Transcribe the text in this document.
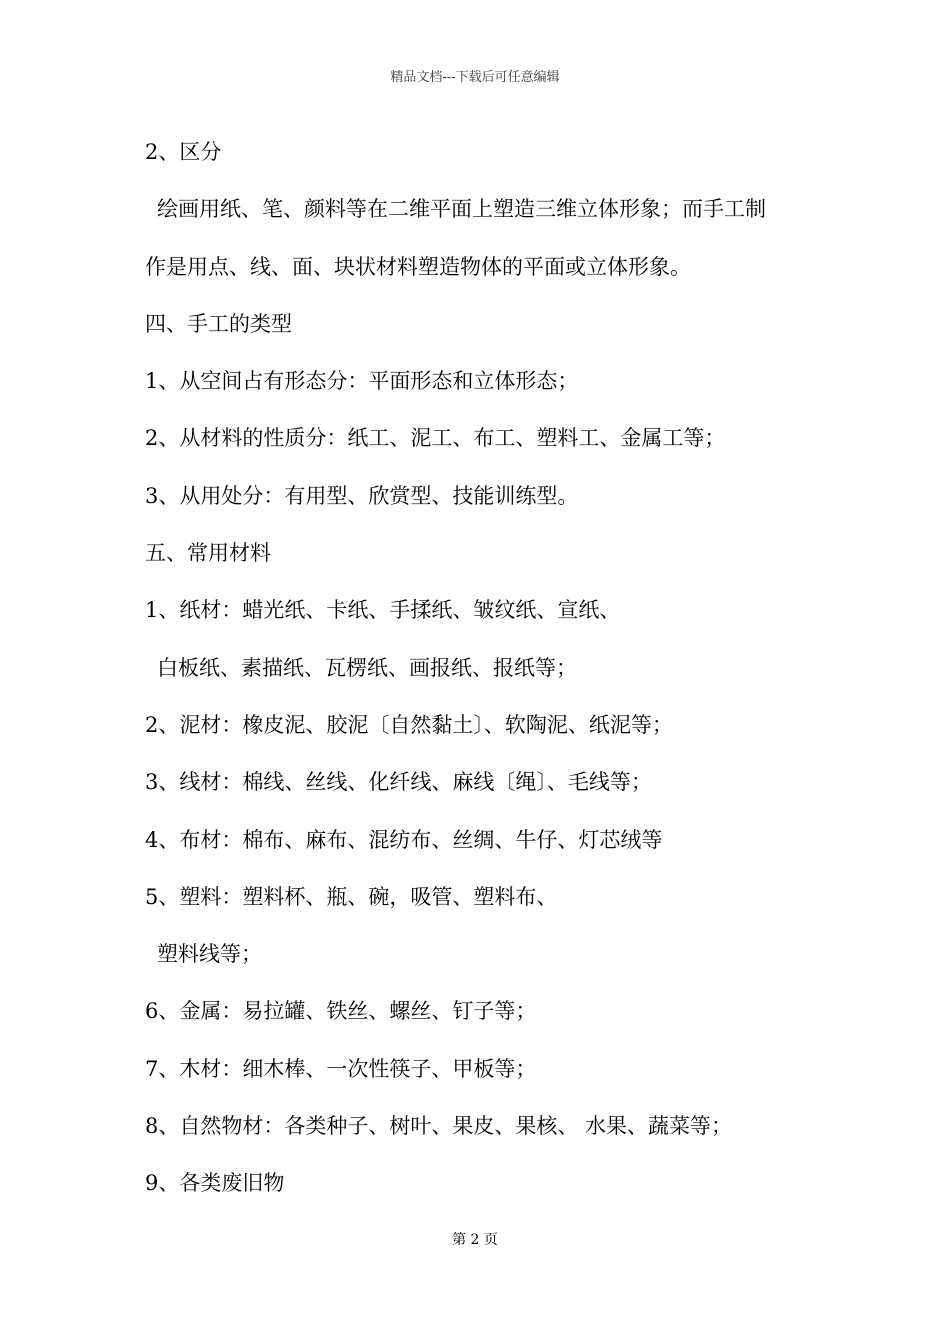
精品文档---下载后可任意编辑
2、区分
绘画用纸、笔、颜料等在二维平面上塑造三维立体形象；而手工制
作是用点、线、面、块状材料塑造物体的平面或立体形象。
四、手工的类型
1、从空间占有形态分：平面形态和立体形态；
2、从材料的性质分：纸工、泥工、布工、塑料工、金属工等；
3、从用处分：有用型、欣赏型、技能训练型。
五、常用材料
1、纸材：蜡光纸、卡纸、手揉纸、皱纹纸、宣纸、
白板纸、素描纸、瓦楞纸、画报纸、报纸等；
2、泥材：橡皮泥、胶泥〔自然黏土〕、软陶泥、纸泥等；
3、线材：棉线、丝线、化纤线、麻线〔绳〕、毛线等；
4、布材：棉布、麻布、混纺布、丝绸、牛仔、灯芯绒等
5、塑料：塑料杯、瓶、碗，吸管、塑料布、
塑料线等；
6、金属：易拉罐、铁丝、螺丝、钉子等；
7、木材：细木棒、一次性筷子、甲板等；
8、自然物材：各类种子、树叶、果皮、果核、 水果、蔬菜等；
9、各类废旧物
第 2 页
